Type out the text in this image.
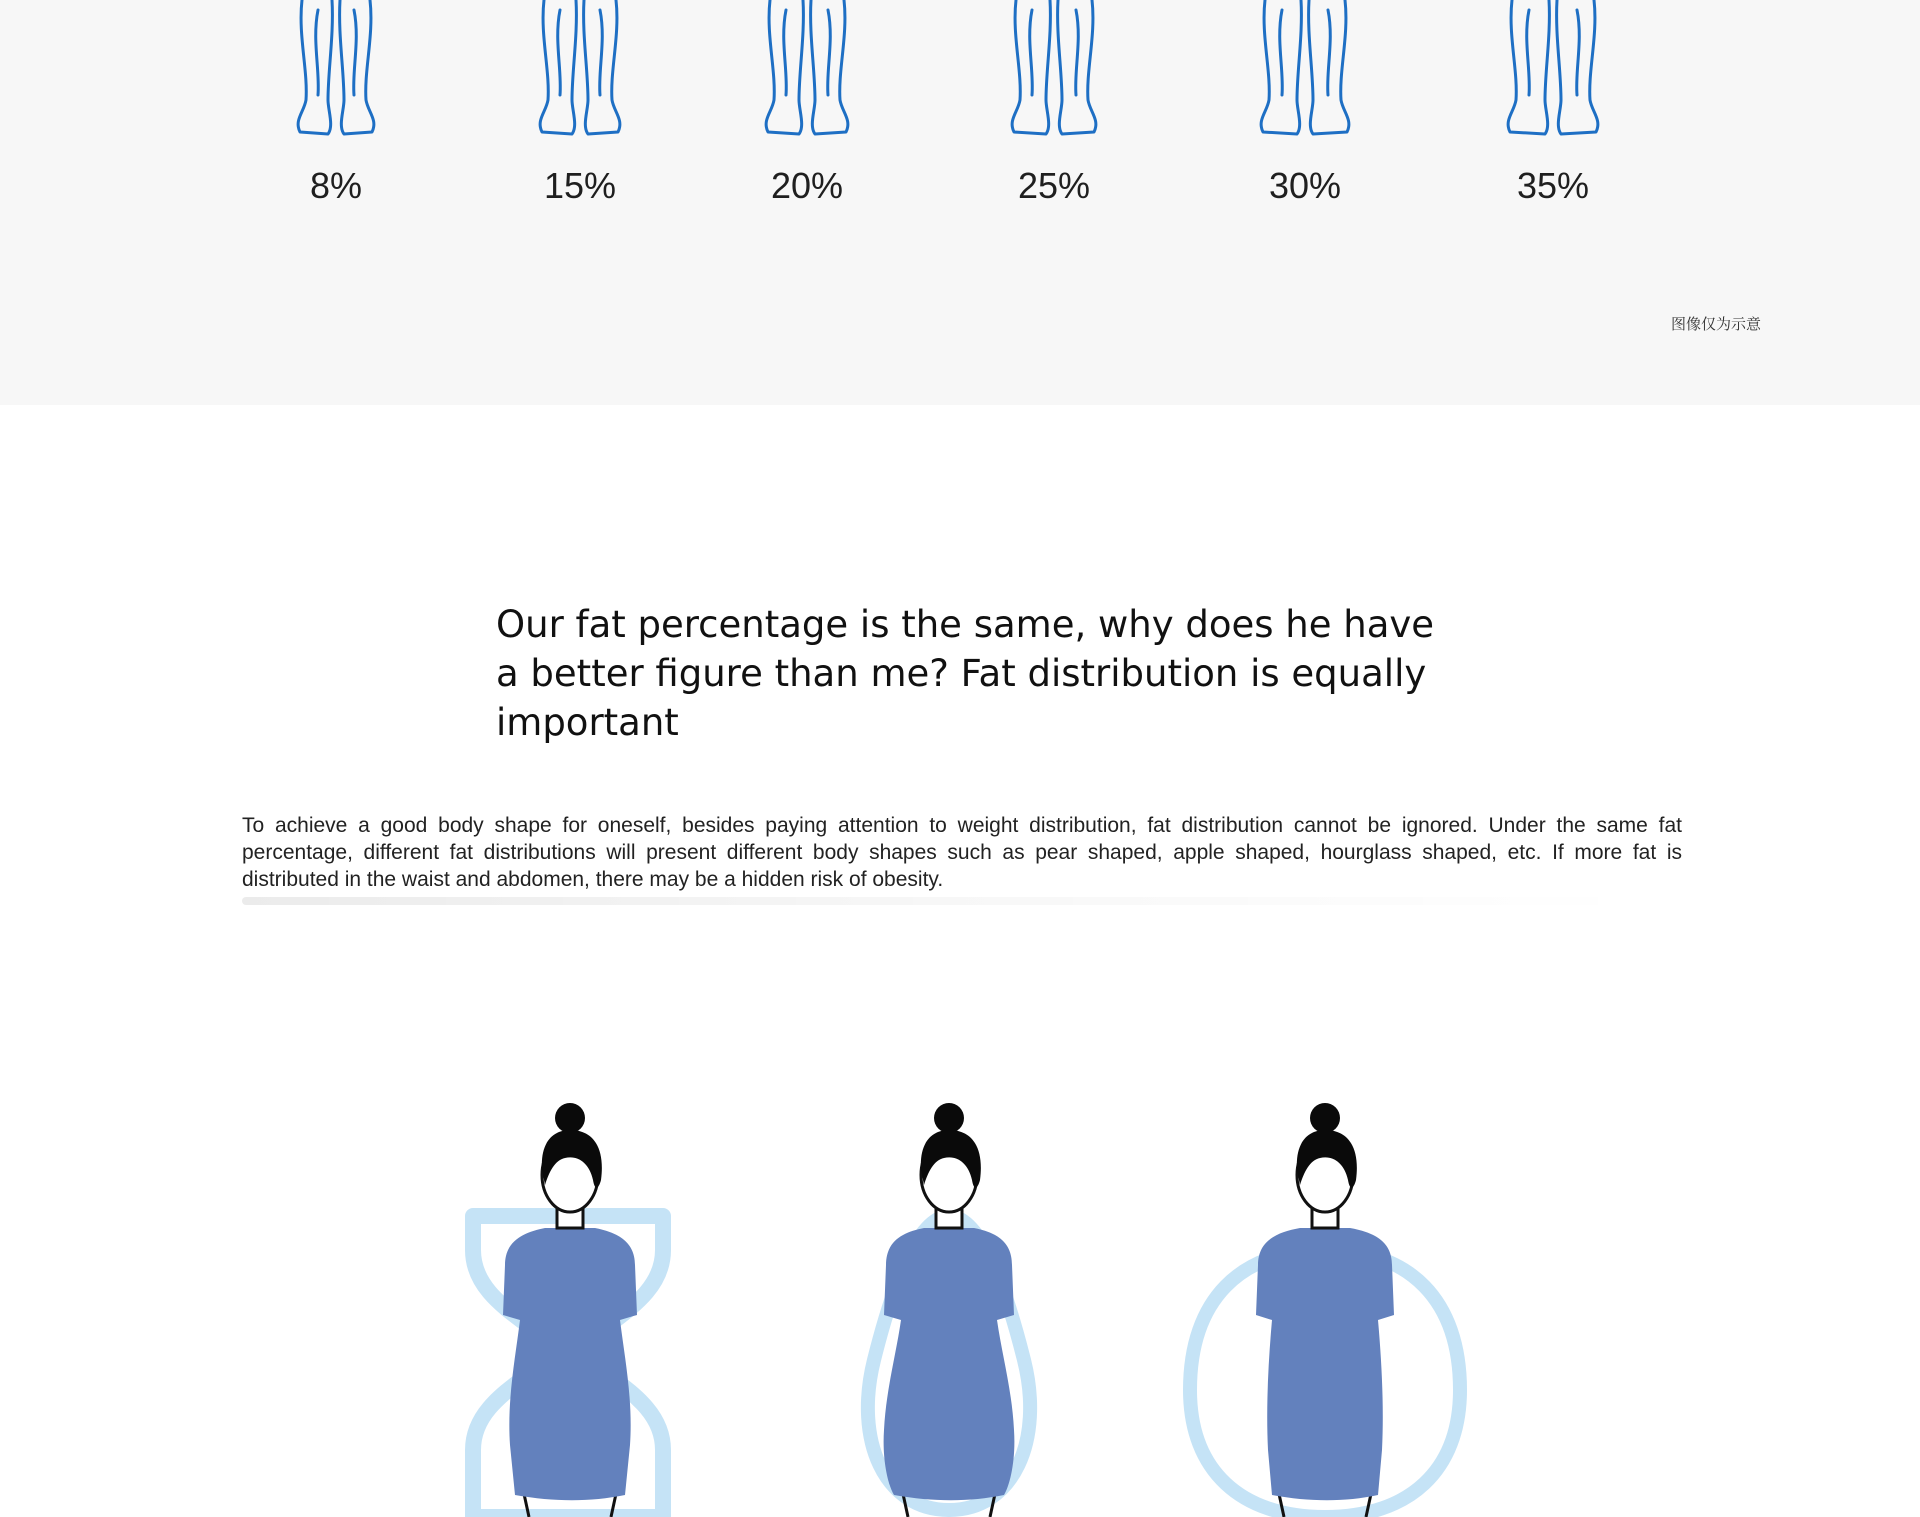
8%	15%	20%	25%	30%	35%
图像仅为示意
Our fat percentage is the same, why does he have a better figure than me? Fat distribution is equally important

To achieve a good body shape for oneself, besides paying attention to weight distribution, fat distribution cannot be ignored. Under the same fat percentage, different fat distributions will present different body shapes such as pear shaped, apple shaped, hourglass shaped, etc. If more fat is distributed in the waist and abdomen, there may be a hidden risk of obesity.
